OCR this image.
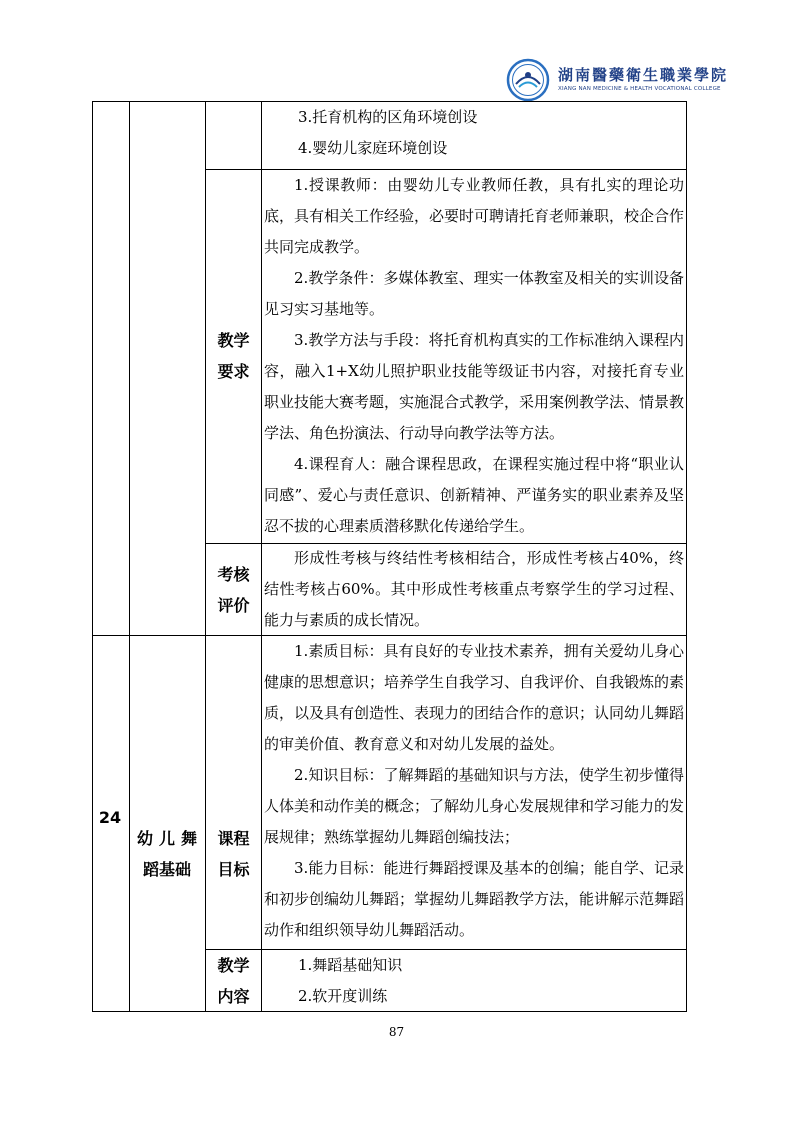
湖南醫藥衛生職業學院
XIANG NAN MEDICINE & HEALTH VOCATIONAL COLLEGE
3.托育机构的区角环境创设
4.婴幼儿家庭环境创设
教学
要求
1.授课教师：由婴幼儿专业教师任教，具有扎实的理论功底，具有相关工作经验，必要时可聘请托育老师兼职，校企合作共同完成教学。
2.教学条件：多媒体教室、理实一体教室及相关的实训设备见习实习基地等。
3.教学方法与手段：将托育机构真实的工作标准纳入课程内容，融入1+X幼儿照护职业技能等级证书内容，对接托育专业职业技能大赛考题，实施混合式教学，采用案例教学法、情景教学法、角色扮演法、行动导向教学法等方法。
4.课程育人：融合课程思政，在课程实施过程中将“职业认同感”、爱心与责任意识、创新精神、严谨务实的职业素养及坚忍不拔的心理素质潜移默化传递给学生。
考核
评价
形成性考核与终结性考核相结合，形成性考核占40%，终结性考核占60%。其中形成性考核重点考察学生的学习过程、能力与素质的成长情况。
24
幼儿舞
蹈基础
课程
目标
1.素质目标：具有良好的专业技术素养，拥有关爱幼儿身心健康的思想意识；培养学生自我学习、自我评价、自我锻炼的素质，以及具有创造性、表现力的团结合作的意识；认同幼儿舞蹈的审美价值、教育意义和对幼儿发展的益处。
2.知识目标：了解舞蹈的基础知识与方法，使学生初步懂得人体美和动作美的概念；了解幼儿身心发展规律和学习能力的发展规律；熟练掌握幼儿舞蹈创编技法；
3.能力目标：能进行舞蹈授课及基本的创编；能自学、记录和初步创编幼儿舞蹈；掌握幼儿舞蹈教学方法，能讲解示范舞蹈动作和组织领导幼儿舞蹈活动。
教学
内容
1.舞蹈基础知识
2.软开度训练
87
